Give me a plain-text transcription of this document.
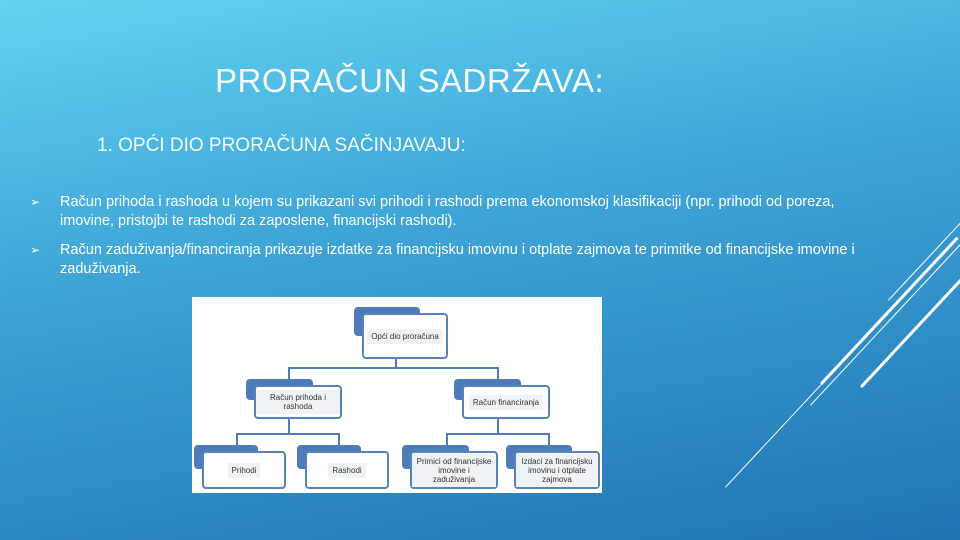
PRORAČUN SADRŽAVA:
1. OPĆI DIO PRORAČUNA SAČINJAVAJU:
➢	Račun prihoda i rashoda u kojem su prikazani svi prihodi i rashodi prema ekonomskoj klasifikaciji (npr. prihodi od poreza, imovine, pristojbi te rashodi za zaposlene, financijski rashodi).
➢	Račun zaduživanja/financiranja prikazuje izdatke za financijsku imovinu i otplate zajmova te primitke od financijske imovine i zaduživanja.
Opći dio proračuna
Račun prihoda i rashoda	Račun financiranja
Prihodi	Rashodi
Primici od financijske imovine i zaduživanja
Izdaci za financijsku imovinu i otplate zajmova
